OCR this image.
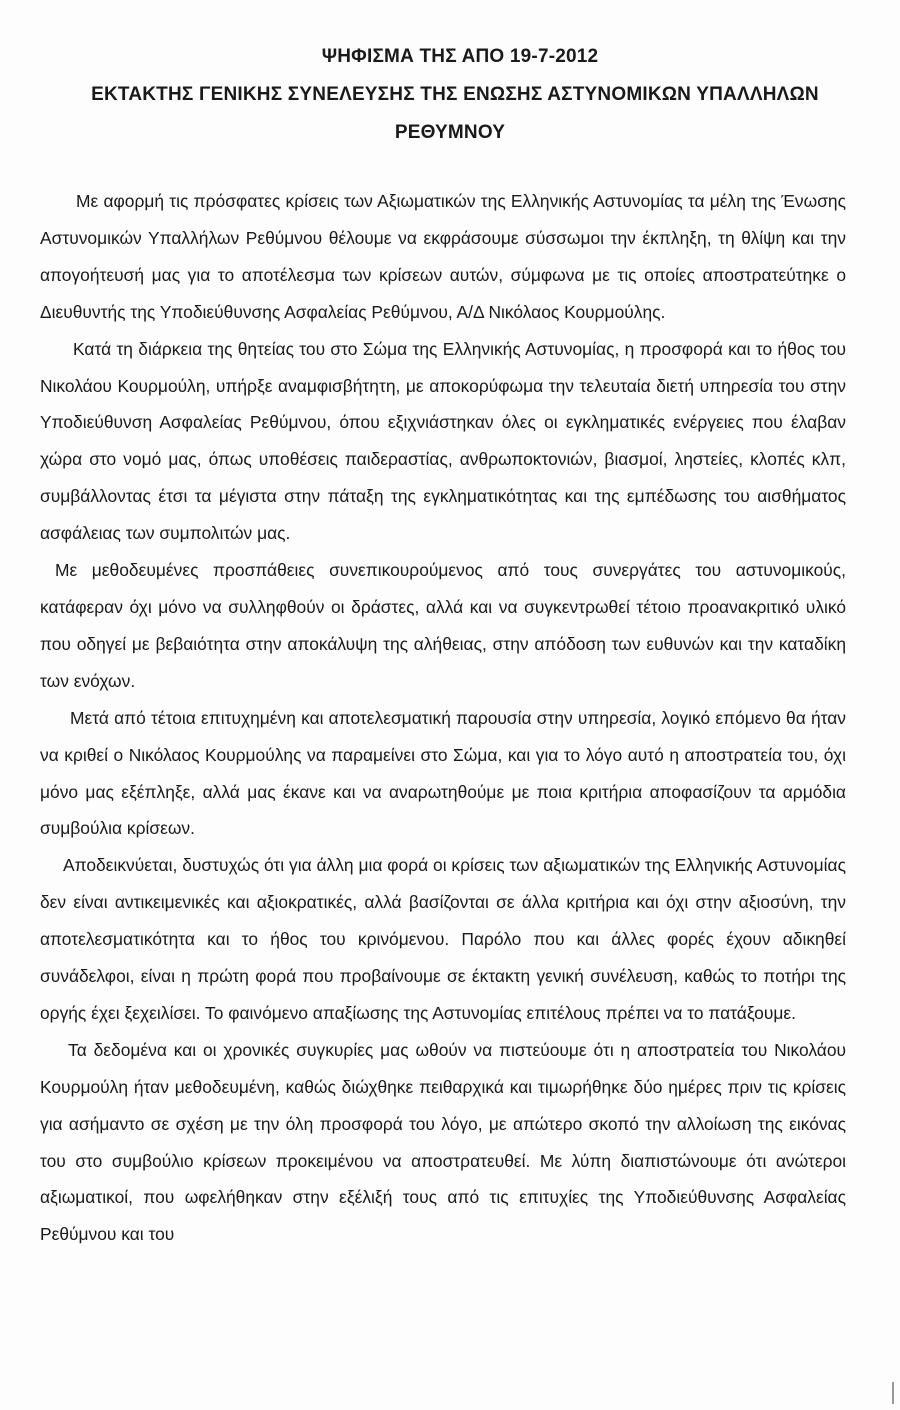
ΨΗΦΙΣΜΑ ΤΗΣ ΑΠΟ 19-7-2012
ΕΚΤΑΚΤΗΣ ΓΕΝΙΚΗΣ ΣΥΝΕΛΕΥΣΗΣ ΤΗΣ ΕΝΩΣΗΣ ΑΣΤΥΝΟΜΙΚΩΝ ΥΠΑΛΛΗΛΩΝ
ΡΕΘΥΜΝΟΥ

Με αφορμή τις πρόσφατες κρίσεις των Αξιωματικών της Ελληνικής Αστυνομίας τα μέλη της Ένωσης Αστυνομικών Υπαλλήλων Ρεθύμνου θέλουμε να εκφράσουμε σύσσωμοι την έκπληξη, τη θλίψη και την απογοήτευσή μας για το αποτέλεσμα των κρίσεων αυτών, σύμφωνα με τις οποίες αποστρατεύτηκε ο Διευθυντής της Υποδιεύθυνσης Ασφαλείας Ρεθύμνου, Α/Δ Νικόλαος Κουρμούλης.

Κατά τη διάρκεια της θητείας του στο Σώμα της Ελληνικής Αστυνομίας, η προσφορά και το ήθος του Νικολάου Κουρμούλη, υπήρξε αναμφισβήτητη, με αποκορύφωμα την τελευταία διετή υπηρεσία του στην Υποδιεύθυνση Ασφαλείας Ρεθύμνου, όπου εξιχνιάστηκαν όλες οι εγκληματικές ενέργειες που έλαβαν χώρα στο νομό μας, όπως υποθέσεις παιδεραστίας, ανθρωποκτονιών, βιασμοί, ληστείες, κλοπές κλπ, συμβάλλοντας έτσι τα μέγιστα στην πάταξη της εγκληματικότητας και της εμπέδωσης του αισθήματος ασφάλειας των συμπολιτών μας.

Με μεθοδευμένες προσπάθειες συνεπικουρούμενος από τους συνεργάτες του αστυνομικούς, κατάφεραν όχι μόνο να συλληφθούν οι δράστες, αλλά και να συγκεντρωθεί τέτοιο προανακριτικό υλικό που οδηγεί με βεβαιότητα στην αποκάλυψη της αλήθειας, στην απόδοση των ευθυνών και την καταδίκη των ενόχων.

Μετά από τέτοια επιτυχημένη και αποτελεσματική παρουσία στην υπηρεσία, λογικό επόμενο θα ήταν να κριθεί ο Νικόλαος Κουρμούλης να παραμείνει στο Σώμα, και για το λόγο αυτό η αποστρατεία του, όχι μόνο μας εξέπληξε, αλλά μας έκανε και να αναρωτηθούμε με ποια κριτήρια αποφασίζουν τα αρμόδια συμβούλια κρίσεων.

Αποδεικνύεται, δυστυχώς ότι για άλλη μια φορά οι κρίσεις των αξιωματικών της Ελληνικής Αστυνομίας δεν είναι αντικειμενικές και αξιοκρατικές, αλλά βασίζονται σε άλλα κριτήρια και όχι στην αξιοσύνη, την αποτελεσματικότητα και το ήθος του κρινόμενου. Παρόλο που και άλλες φορές έχουν αδικηθεί συνάδελφοι, είναι η πρώτη φορά που προβαίνουμε σε έκτακτη γενική συνέλευση, καθώς το ποτήρι της οργής έχει ξεχειλίσει. Το φαινόμενο απαξίωσης της Αστυνομίας επιτέλους πρέπει να το πατάξουμε.

Τα δεδομένα και οι χρονικές συγκυρίες μας ωθούν να πιστεύουμε ότι η αποστρατεία του Νικολάου Κουρμούλη ήταν μεθοδευμένη, καθώς διώχθηκε πειθαρχικά και τιμωρήθηκε δύο ημέρες πριν τις κρίσεις για ασήμαντο σε σχέση με την όλη προσφορά του λόγο, με απώτερο σκοπό την αλλοίωση της εικόνας του στο συμβούλιο κρίσεων προκειμένου να αποστρατευθεί. Με λύπη διαπιστώνουμε ότι ανώτεροι αξιωματικοί, που ωφελήθηκαν στην εξέλιξή τους από τις επιτυχίες της Υποδιεύθυνσης Ασφαλείας Ρεθύμνου και του
